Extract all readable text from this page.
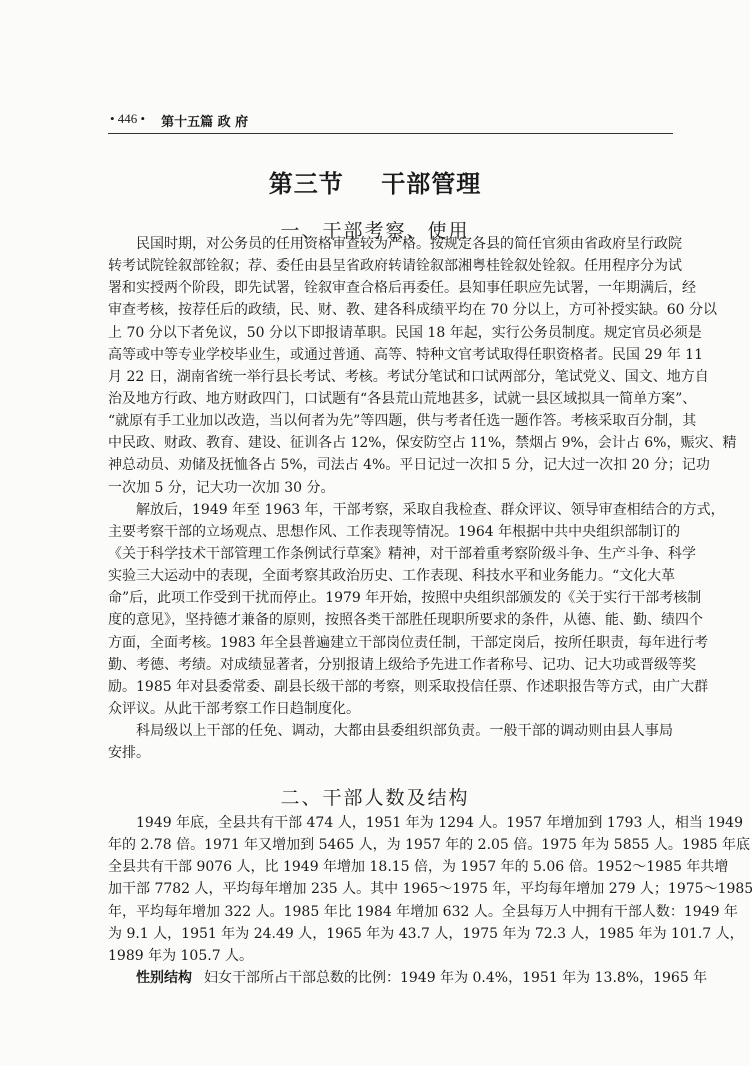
• 446 • 第十五篇 政 府
第三节    干部管理
一、干部考察、使用
民国时期，对公务员的任用资格审查较为严格。按规定各县的简任官须由省政府呈行政院
转考试院铨叙部铨叙；荐、委任由县呈省政府转请铨叙部湘粤桂铨叙处铨叙。任用程序分为试
署和实授两个阶段，即先试署，铨叙审查合格后再委任。县知事任职应先试署，一年期满后，经
审查考核，按荐任后的政绩，民、财、教、建各科成绩平均在 70 分以上，方可补授实缺。60 分以
上 70 分以下者免议，50 分以下即报请革职。民国 18 年起，实行公务员制度。规定官员必须是
高等或中等专业学校毕业生，或通过普通、高等、特种文官考试取得任职资格者。民国 29 年 11
月 22 日，湖南省统一举行县长考试、考核。考试分笔试和口试两部分，笔试党义、国文、地方自
治及地方行政、地方财政四门，口试题有“各县荒山荒地甚多，试就一县区域拟具一简单方案”、
“就原有手工业加以改造，当以何者为先”等四题，供与考者任选一题作答。考核采取百分制，其
中民政、财政、教育、建设、征训各占 12%，保安防空占 11%，禁烟占 9%，会计占 6%，赈灾、精
神总动员、劝储及抚恤各占 5%，司法占 4%。平日记过一次扣 5 分，记大过一次扣 20 分；记功
一次加 5 分，记大功一次加 30 分。
解放后，1949 年至 1963 年，干部考察，采取自我检查、群众评议、领导审查相结合的方式，
主要考察干部的立场观点、思想作风、工作表现等情况。1964 年根据中共中央组织部制订的
《关于科学技术干部管理工作条例试行草案》精神，对干部着重考察阶级斗争、生产斗争、科学
实验三大运动中的表现，全面考察其政治历史、工作表现、科技水平和业务能力。“文化大革
命”后，此项工作受到干扰而停止。1979 年开始，按照中央组织部颁发的《关于实行干部考核制
度的意见》，坚持德才兼备的原则，按照各类干部胜任现职所要求的条件，从德、能、勤、绩四个
方面，全面考核。1983 年全县普遍建立干部岗位责任制，干部定岗后，按所任职责，每年进行考
勤、考德、考绩。对成绩显著者，分别报请上级给予先进工作者称号、记功、记大功或晋级等奖
励。1985 年对县委常委、副县长级干部的考察，则采取投信任票、作述职报告等方式，由广大群
众评议。从此干部考察工作日趋制度化。
科局级以上干部的任免、调动，大都由县委组织部负责。一般干部的调动则由县人事局
安排。
二、干部人数及结构
1949 年底，全县共有干部 474 人，1951 年为 1294 人。1957 年增加到 1793 人，相当 1949
年的 2.78 倍。1971 年又增加到 5465 人，为 1957 年的 2.05 倍。1975 年为 5855 人。1985 年底
全县共有干部 9076 人，比 1949 年增加 18.15 倍，为 1957 年的 5.06 倍。1952～1985 年共增
加干部 7782 人，平均每年增加 235 人。其中 1965～1975 年，平均每年增加 279 人；1975～1985
年，平均每年增加 322 人。1985 年比 1984 年增加 632 人。全县每万人中拥有干部人数：1949 年
为 9.1 人，1951 年为 24.49 人，1965 年为 43.7 人，1975 年为 72.3 人，1985 年为 101.7 人，
1989 年为 105.7 人。
性别结构 妇女干部所占干部总数的比例：1949 年为 0.4%，1951 年为 13.8%，1965 年
